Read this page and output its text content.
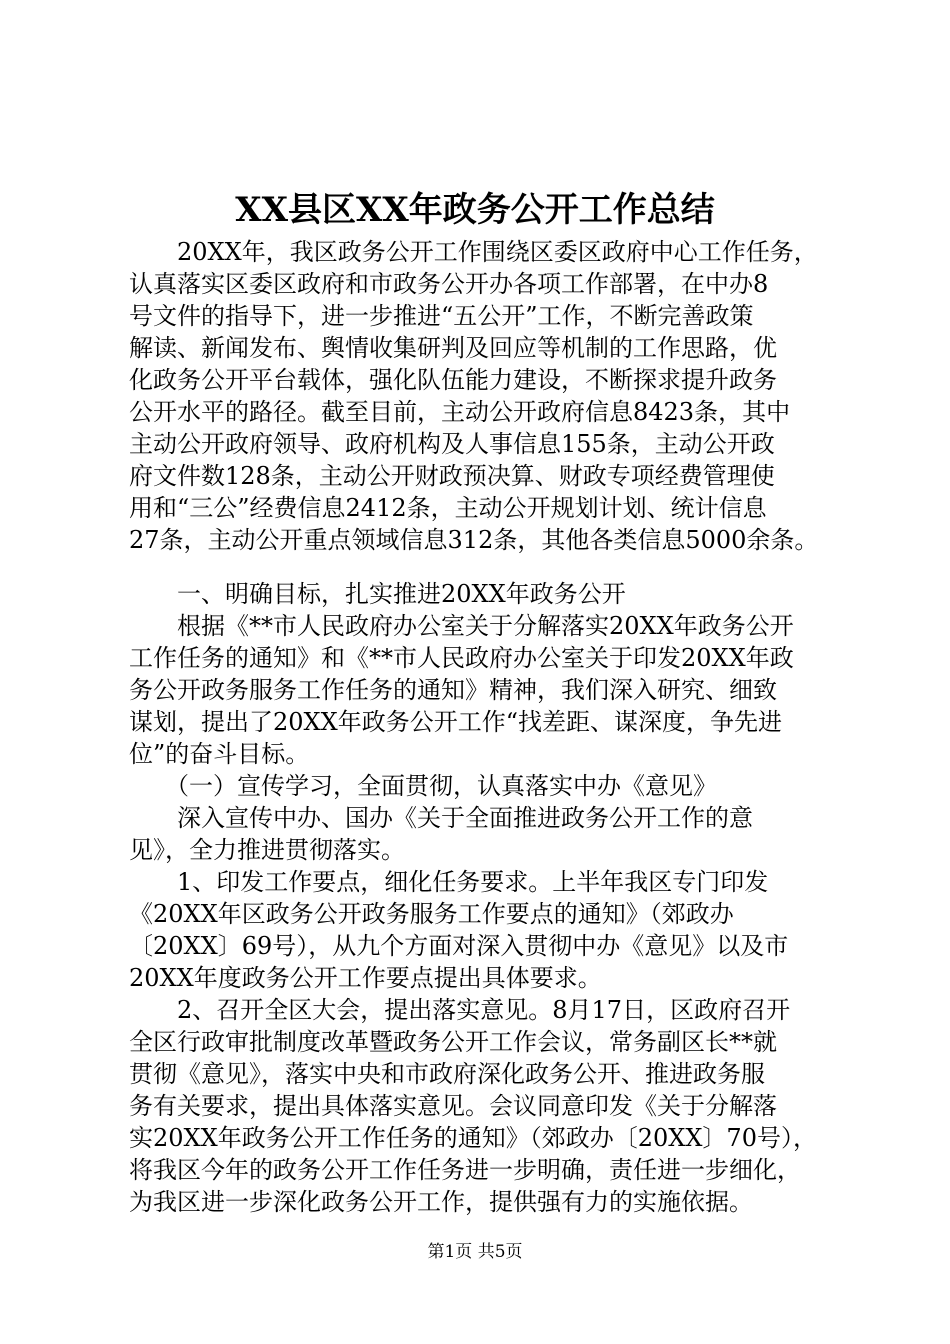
XX县区XX年政务公开工作总结
　　20XX年，我区政务公开工作围绕区委区政府中心工作任务，
认真落实区委区政府和市政务公开办各项工作部署，在中办8
号文件的指导下，进一步推进“五公开”工作，不断完善政策
解读、新闻发布、舆情收集研判及回应等机制的工作思路，优
化政务公开平台载体，强化队伍能力建设，不断探求提升政务
公开水平的路径。截至目前，主动公开政府信息8423条，其中
主动公开政府领导、政府机构及人事信息155条，主动公开政
府文件数128条，主动公开财政预决算、财政专项经费管理使
用和“三公”经费信息2412条，主动公开规划计划、统计信息
27条，主动公开重点领域信息312条，其他各类信息5000余条。
　　一、明确目标，扎实推进20XX年政务公开
　　根据《**市人民政府办公室关于分解落实20XX年政务公开
工作任务的通知》和《**市人民政府办公室关于印发20XX年政
务公开政务服务工作任务的通知》精神，我们深入研究、细致
谋划，提出了20XX年政务公开工作“找差距、谋深度，争先进
位”的奋斗目标。
　　（一）宣传学习，全面贯彻，认真落实中办《意见》
　　深入宣传中办、国办《关于全面推进政务公开工作的意
见》，全力推进贯彻落实。
　　1、印发工作要点，细化任务要求。上半年我区专门印发
《20XX年区政务公开政务服务工作要点的通知》（郊政办
〔20XX〕69号），从九个方面对深入贯彻中办《意见》以及市
20XX年度政务公开工作要点提出具体要求。
　　2、召开全区大会，提出落实意见。8月17日，区政府召开
全区行政审批制度改革暨政务公开工作会议，常务副区长**就
贯彻《意见》，落实中央和市政府深化政务公开、推进政务服
务有关要求，提出具体落实意见。会议同意印发《关于分解落
实20XX年政务公开工作任务的通知》（郊政办〔20XX〕70号），
将我区今年的政务公开工作任务进一步明确，责任进一步细化，
为我区进一步深化政务公开工作，提供强有力的实施依据。
第1页 共5页
